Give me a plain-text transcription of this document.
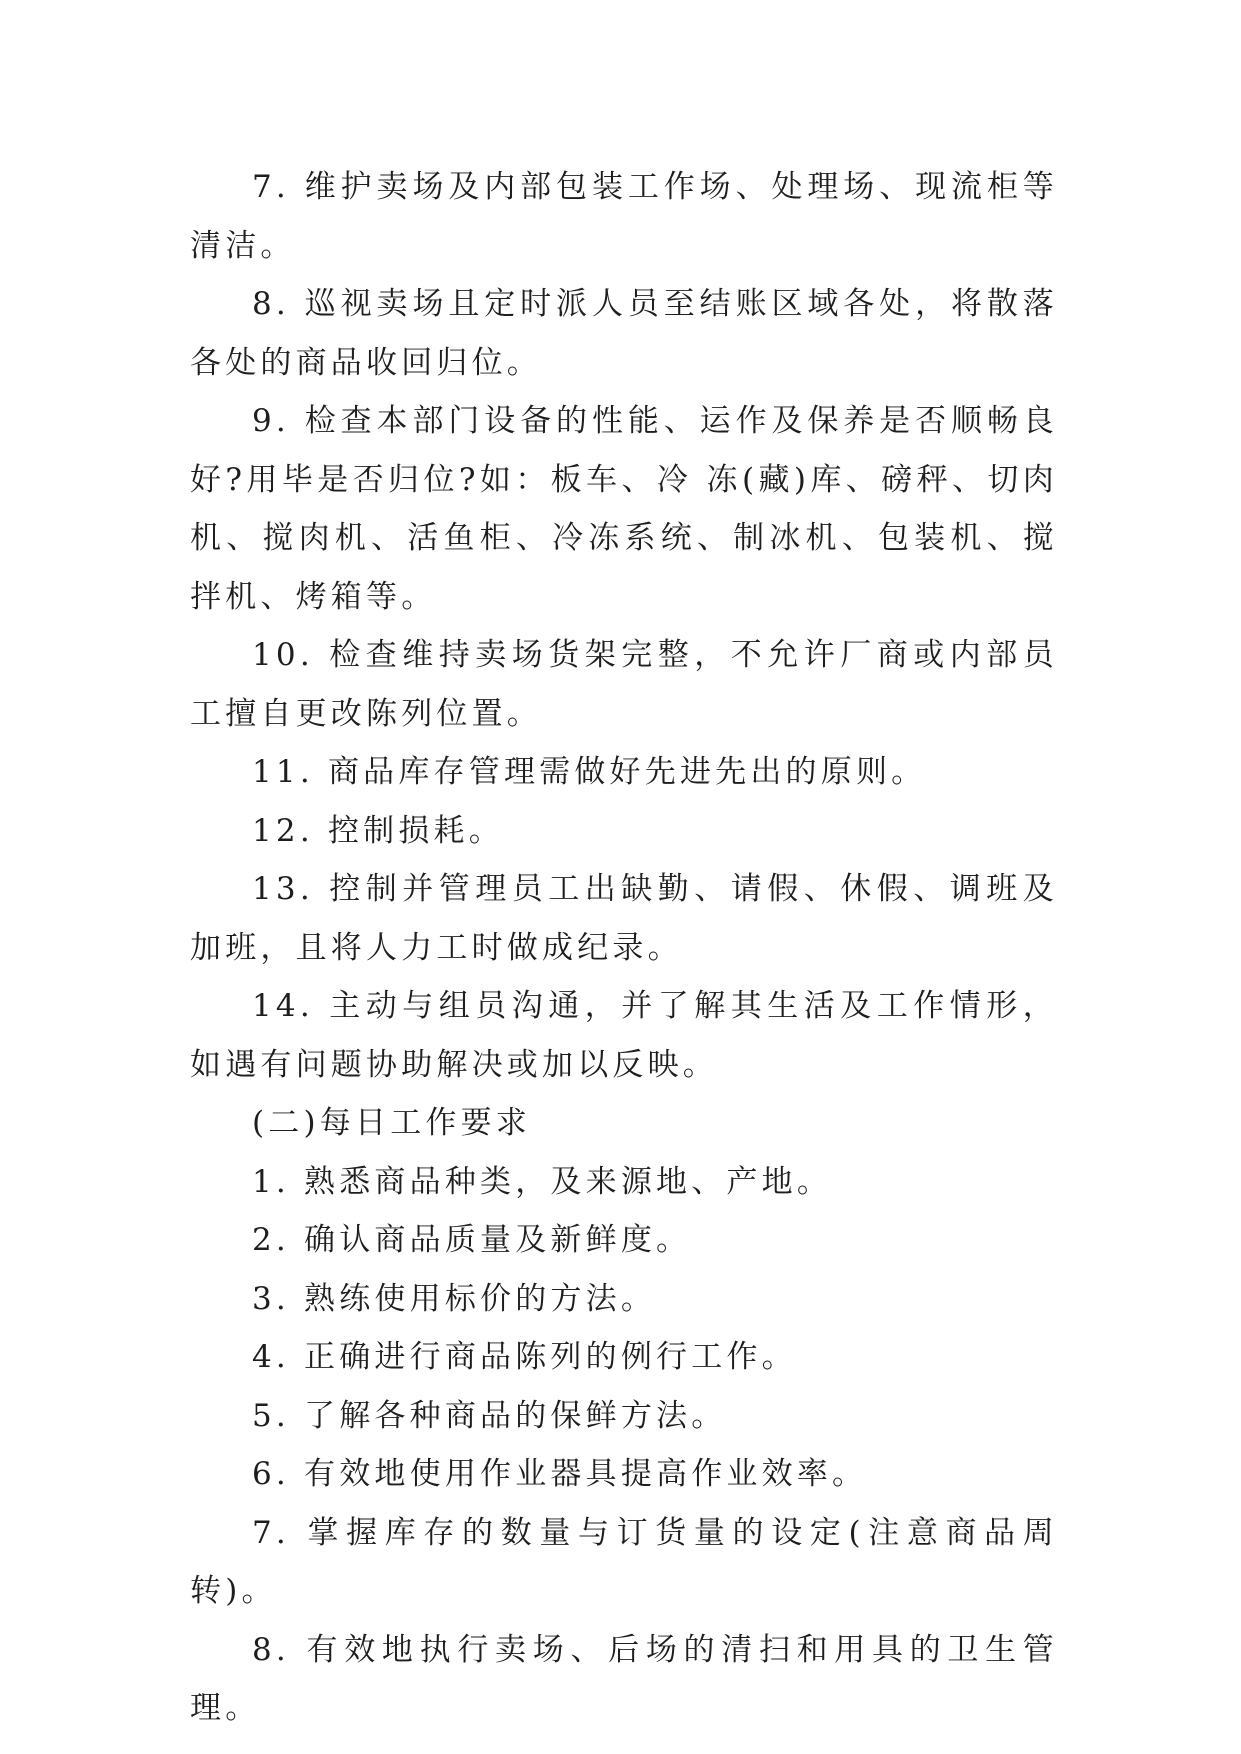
7. 维护卖场及内部包装工作场、处理场、现流柜等清洁。

8. 巡视卖场且定时派人员至结账区域各处，将散落各处的商品收回归位。

9. 检查本部门设备的性能、运作及保养是否顺畅良好?用毕是否归位?如：板车、冷 冻(藏)库、磅秤、切肉机、搅肉机、活鱼柜、冷冻系统、制冰机、包装机、搅拌机、烤箱等。

10. 检查维持卖场货架完整，不允许厂商或内部员工擅自更改陈列位置。

11. 商品库存管理需做好先进先出的原则。

12. 控制损耗。

13. 控制并管理员工出缺勤、请假、休假、调班及加班，且将人力工时做成纪录。

14. 主动与组员沟通，并了解其生活及工作情形，如遇有问题协助解决或加以反映。

(二)每日工作要求

1. 熟悉商品种类，及来源地、产地。

2. 确认商品质量及新鲜度。

3. 熟练使用标价的方法。

4. 正确进行商品陈列的例行工作。

5. 了解各种商品的保鲜方法。

6. 有效地使用作业器具提高作业效率。

7. 掌握库存的数量与订货量的设定(注意商品周转)。

8. 有效地执行卖场、后场的清扫和用具的卫生管理。
